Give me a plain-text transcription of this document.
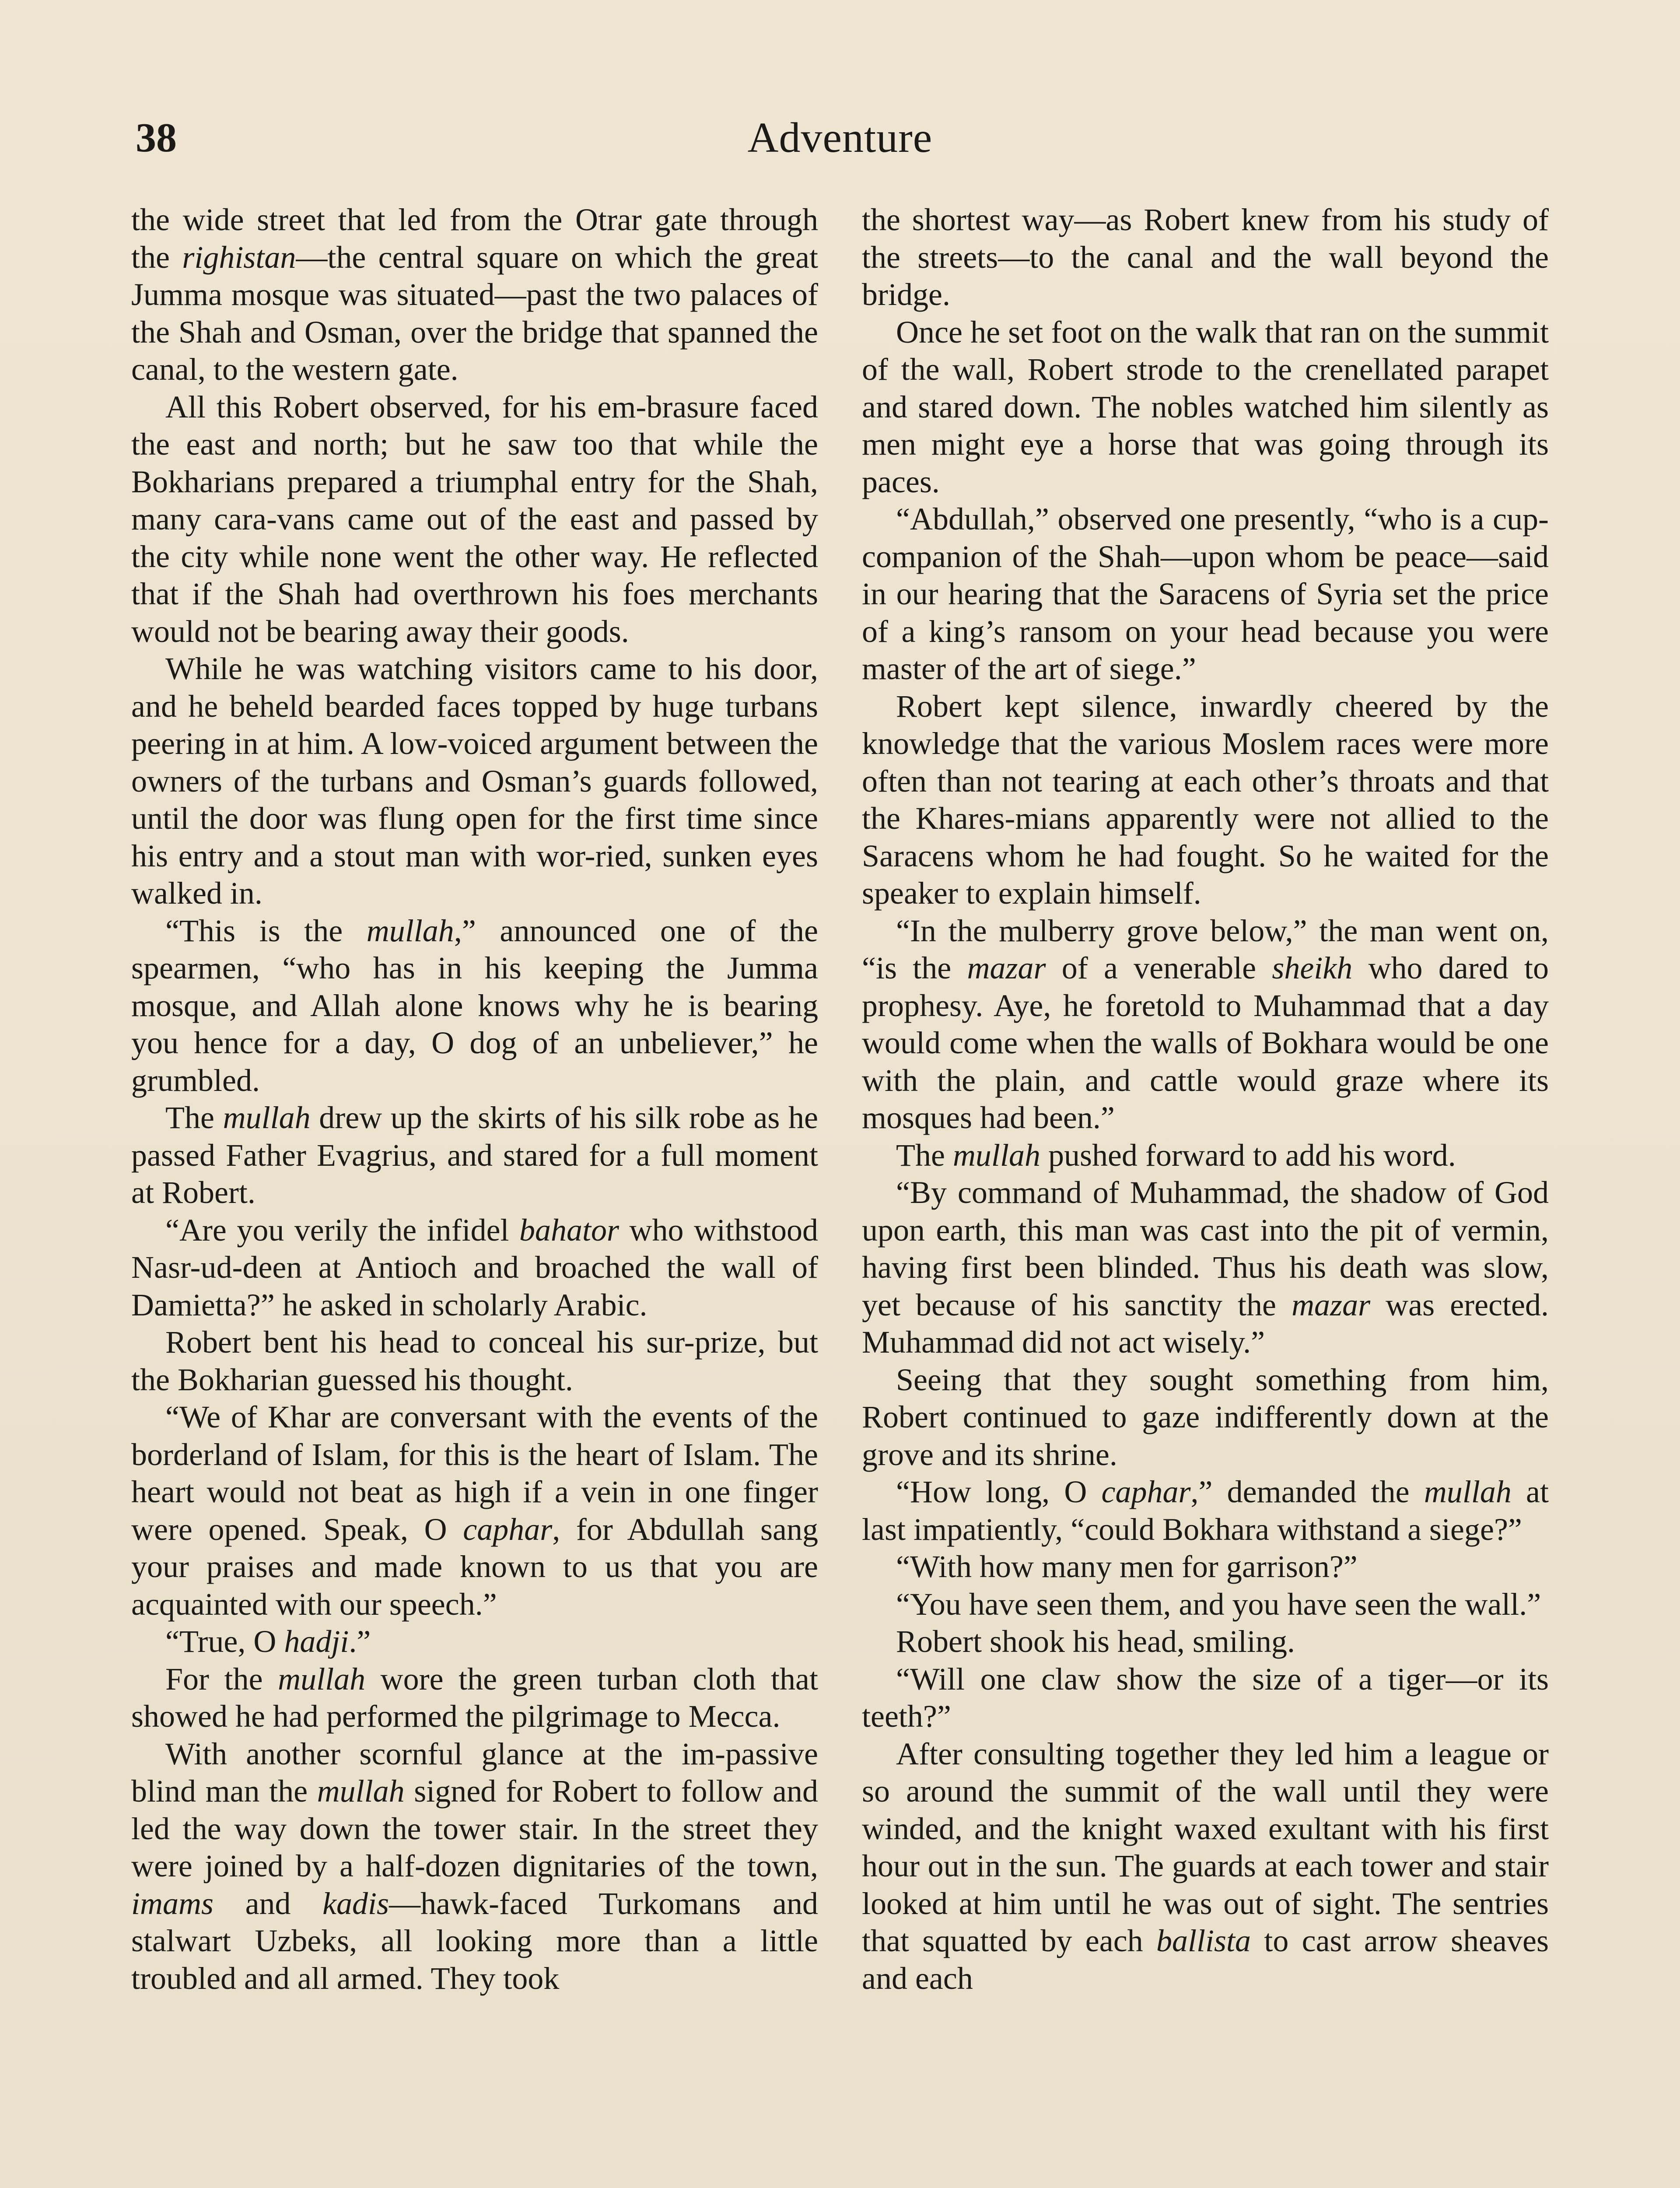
38	Adventure

the wide street that led from the Otrar gate through the righistan—the central square on which the great Jumma mosque was situated—past the two palaces of the Shah and Osman, over the bridge that spanned the canal, to the western gate.

All this Robert observed, for his em-brasure faced the east and north; but he saw too that while the Bokharians prepared a triumphal entry for the Shah, many cara-vans came out of the east and passed by the city while none went the other way. He reflected that if the Shah had overthrown his foes merchants would not be bearing away their goods.

While he was watching visitors came to his door, and he beheld bearded faces topped by huge turbans peering in at him. A low-voiced argument between the owners of the turbans and Osman’s guards followed, until the door was flung open for the first time since his entry and a stout man with wor-ried, sunken eyes walked in.

“This is the mullah,” announced one of the spearmen, “who has in his keeping the Jumma mosque, and Allah alone knows why he is bearing you hence for a day, O dog of an unbeliever,” he grumbled.

The mullah drew up the skirts of his silk robe as he passed Father Evagrius, and stared for a full moment at Robert.

“Are you verily the infidel bahator who withstood Nasr-ud-deen at Antioch and broached the wall of Damietta?” he asked in scholarly Arabic.

Robert bent his head to conceal his sur-prize, but the Bokharian guessed his thought.

“We of Khar are conversant with the events of the borderland of Islam, for this is the heart of Islam. The heart would not beat as high if a vein in one finger were opened. Speak, O caphar, for Abdullah sang your praises and made known to us that you are acquainted with our speech.”

“True, O hadji.”

For the mullah wore the green turban cloth that showed he had performed the pilgrimage to Mecca.

With another scornful glance at the im-passive blind man the mullah signed for Robert to follow and led the way down the tower stair. In the street they were joined by a half-dozen dignitaries of the town, imams and kadis—hawk-faced Turkomans and stalwart Uzbeks, all looking more than a little troubled and all armed. They took

the shortest way—as Robert knew from his study of the streets—to the canal and the wall beyond the bridge.

Once he set foot on the walk that ran on the summit of the wall, Robert strode to the crenellated parapet and stared down. The nobles watched him silently as men might eye a horse that was going through its paces.

“Abdullah,” observed one presently, “who is a cup-companion of the Shah—upon whom be peace—said in our hearing that the Saracens of Syria set the price of a king’s ransom on your head because you were master of the art of siege.”

Robert kept silence, inwardly cheered by the knowledge that the various Moslem races were more often than not tearing at each other’s throats and that the Khares-mians apparently were not allied to the Saracens whom he had fought. So he waited for the speaker to explain himself.

“In the mulberry grove below,” the man went on, “is the mazar of a venerable sheikh who dared to prophesy. Aye, he foretold to Muhammad that a day would come when the walls of Bokhara would be one with the plain, and cattle would graze where its mosques had been.”

The mullah pushed forward to add his word.

“By command of Muhammad, the shadow of God upon earth, this man was cast into the pit of vermin, having first been blinded. Thus his death was slow, yet because of his sanctity the mazar was erected. Muhammad did not act wisely.”

Seeing that they sought something from him, Robert continued to gaze indifferently down at the grove and its shrine.

“How long, O caphar,” demanded the mullah at last impatiently, “could Bokhara withstand a siege?”

“With how many men for garrison?”

“You have seen them, and you have seen the wall.”

Robert shook his head, smiling.

“Will one claw show the size of a tiger—or its teeth?”

After consulting together they led him a league or so around the summit of the wall until they were winded, and the knight waxed exultant with his first hour out in the sun. The guards at each tower and stair looked at him until he was out of sight. The sentries that squatted by each ballista to cast arrow sheaves and each
